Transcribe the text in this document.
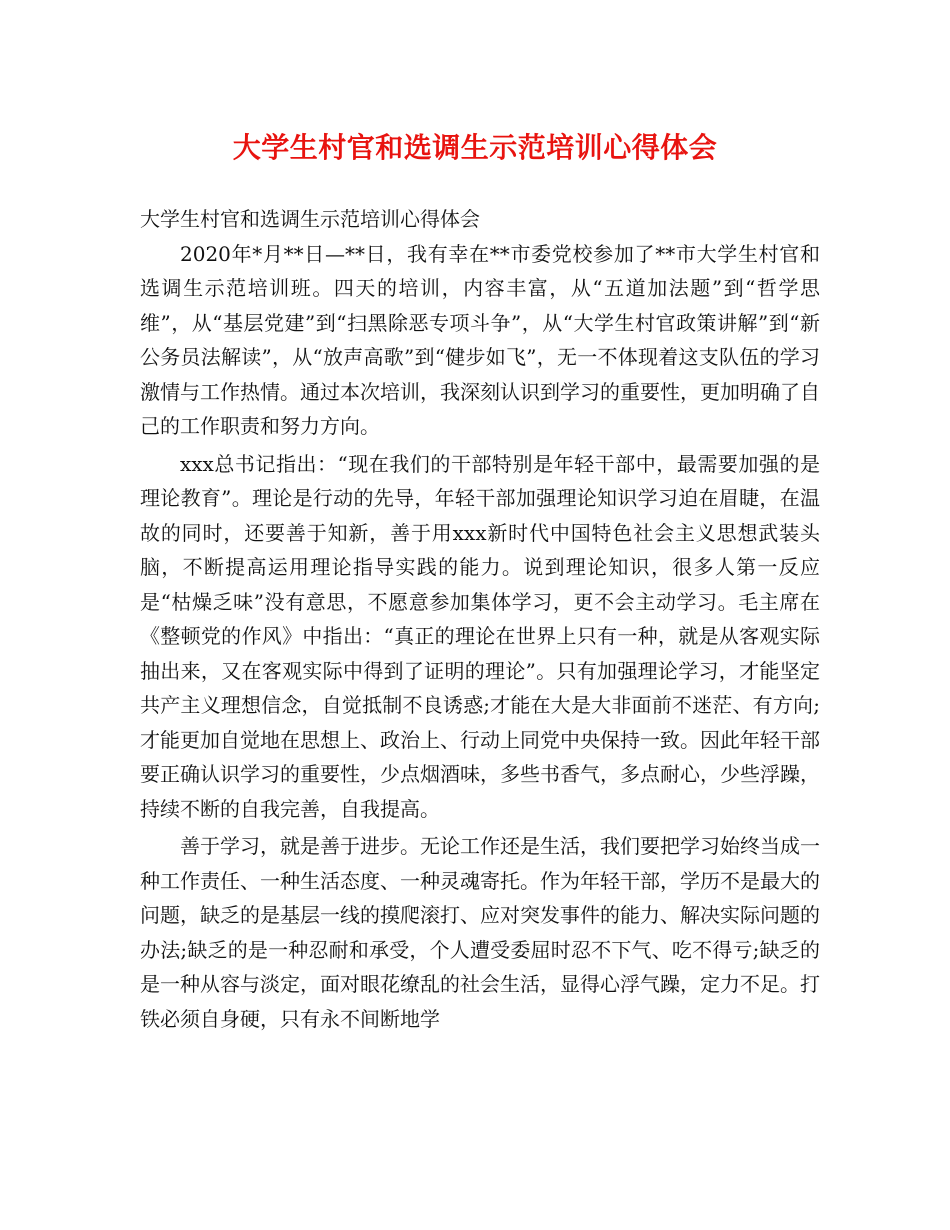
大学生村官和选调生示范培训心得体会

大学生村官和选调生示范培训心得体会

2020年*月**日—**日，我有幸在**市委党校参加了**市大学生村官和选调生示范培训班。四天的培训，内容丰富，从“五道加法题”到“哲学思维”，从“基层党建”到“扫黑除恶专项斗争”，从“大学生村官政策讲解”到“新公务员法解读”，从“放声高歌”到“健步如飞”，无一不体现着这支队伍的学习激情与工作热情。通过本次培训，我深刻认识到学习的重要性，更加明确了自己的工作职责和努力方向。

xxx总书记指出：“现在我们的干部特别是年轻干部中，最需要加强的是理论教育”。理论是行动的先导，年轻干部加强理论知识学习迫在眉睫，在温故的同时，还要善于知新，善于用xxx新时代中国特色社会主义思想武装头脑，不断提高运用理论指导实践的能力。说到理论知识，很多人第一反应是“枯燥乏味”没有意思，不愿意参加集体学习，更不会主动学习。毛主席在《整顿党的作风》中指出：“真正的理论在世界上只有一种，就是从客观实际抽出来，又在客观实际中得到了证明的理论”。只有加强理论学习，才能坚定共产主义理想信念，自觉抵制不良诱惑;才能在大是大非面前不迷茫、有方向;才能更加自觉地在思想上、政治上、行动上同党中央保持一致。因此年轻干部要正确认识学习的重要性，少点烟酒味，多些书香气，多点耐心，少些浮躁，持续不断的自我完善，自我提高。

善于学习，就是善于进步。无论工作还是生活，我们要把学习始终当成一种工作责任、一种生活态度、一种灵魂寄托。作为年轻干部，学历不是最大的问题，缺乏的是基层一线的摸爬滚打、应对突发事件的能力、解决实际问题的办法;缺乏的是一种忍耐和承受，个人遭受委屈时忍不下气、吃不得亏;缺乏的是一种从容与淡定，面对眼花缭乱的社会生活，显得心浮气躁，定力不足。打铁必须自身硬，只有永不间断地学
